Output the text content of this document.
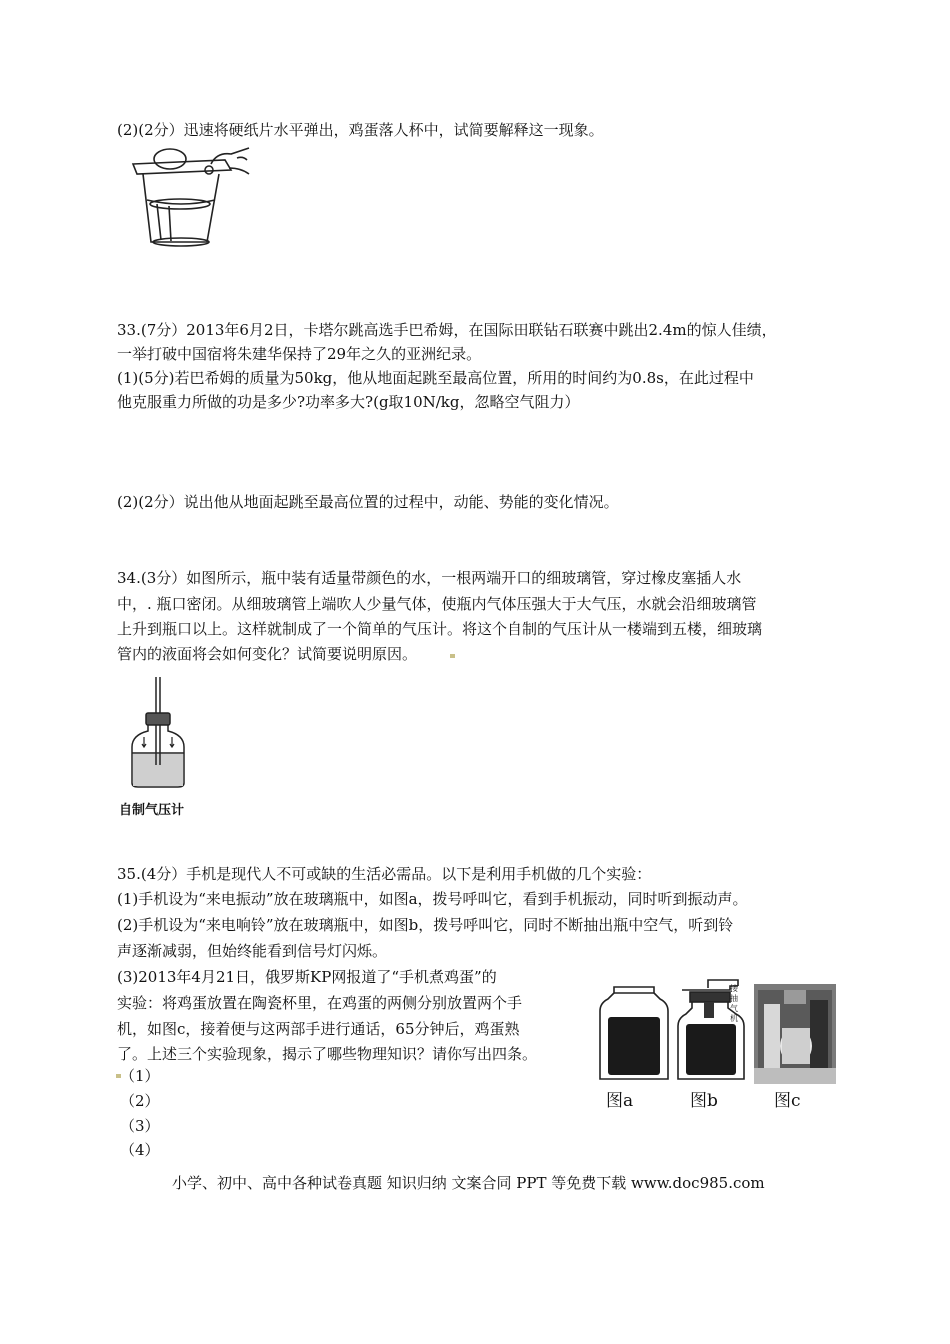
(2)(2分）迅速将硬纸片水平弹出，鸡蛋落人杯中，试简要解释这一现象。
33.(7分）2013年6月2日，卡塔尔跳高选手巴希姆，在国际田联钻石联赛中跳出2.4m的惊人佳绩，
一举打破中国宿将朱建华保持了29年之久的亚洲纪录。
(1)(5分)若巴希姆的质量为50kg，他从地面起跳至最高位置，所用的时间约为0.8s，在此过程中
他克服重力所做的功是多少?功率多大?(g取10N/kg，忽略空气阻力）
(2)(2分）说出他从地面起跳至最高位置的过程中，动能、势能的变化情况。
34.(3分）如图所示，瓶中装有适量带颜色的水，一根两端开口的细玻璃管，穿过橡皮塞插人水
中，. 瓶口密闭。从细玻璃管上端吹人少量气体，使瓶内气体压强大于大气压，水就会沿细玻璃管
上升到瓶口以上。这样就制成了一个简单的气压计。将这个自制的气压计从一楼端到五楼，细玻璃
管内的液面将会如何变化？试简要说明原因。
自制气压计
35.(4分）手机是现代人不可或缺的生活必需品。以下是利用手机做的几个实验：
(1)手机设为“来电振动”放在玻璃瓶中，如图a，拨号呼叫它，看到手机振动，同时听到振动声。
(2)手机设为“来电响铃”放在玻璃瓶中，如图b，拨号呼叫它，同时不断抽出瓶中空气，听到铃
声逐渐减弱，但始终能看到信号灯闪烁。
(3)2013年4月21日，俄罗斯KP网报道了“手机煮鸡蛋”的
实验：将鸡蛋放置在陶瓷杯里，在鸡蛋的两侧分别放置两个手
机，如图c，接着便与这两部手进行通话，65分钟后，鸡蛋熟
了。上述三个实验现象，揭示了哪些物理知识？请你写出四条。
（1）
（2）
（3）
（4）
图a
接抽气机
图b	图c
小学、初中、高中各种试卷真题 知识归纳 文案合同 PPT 等免费下载 www.doc985.com
